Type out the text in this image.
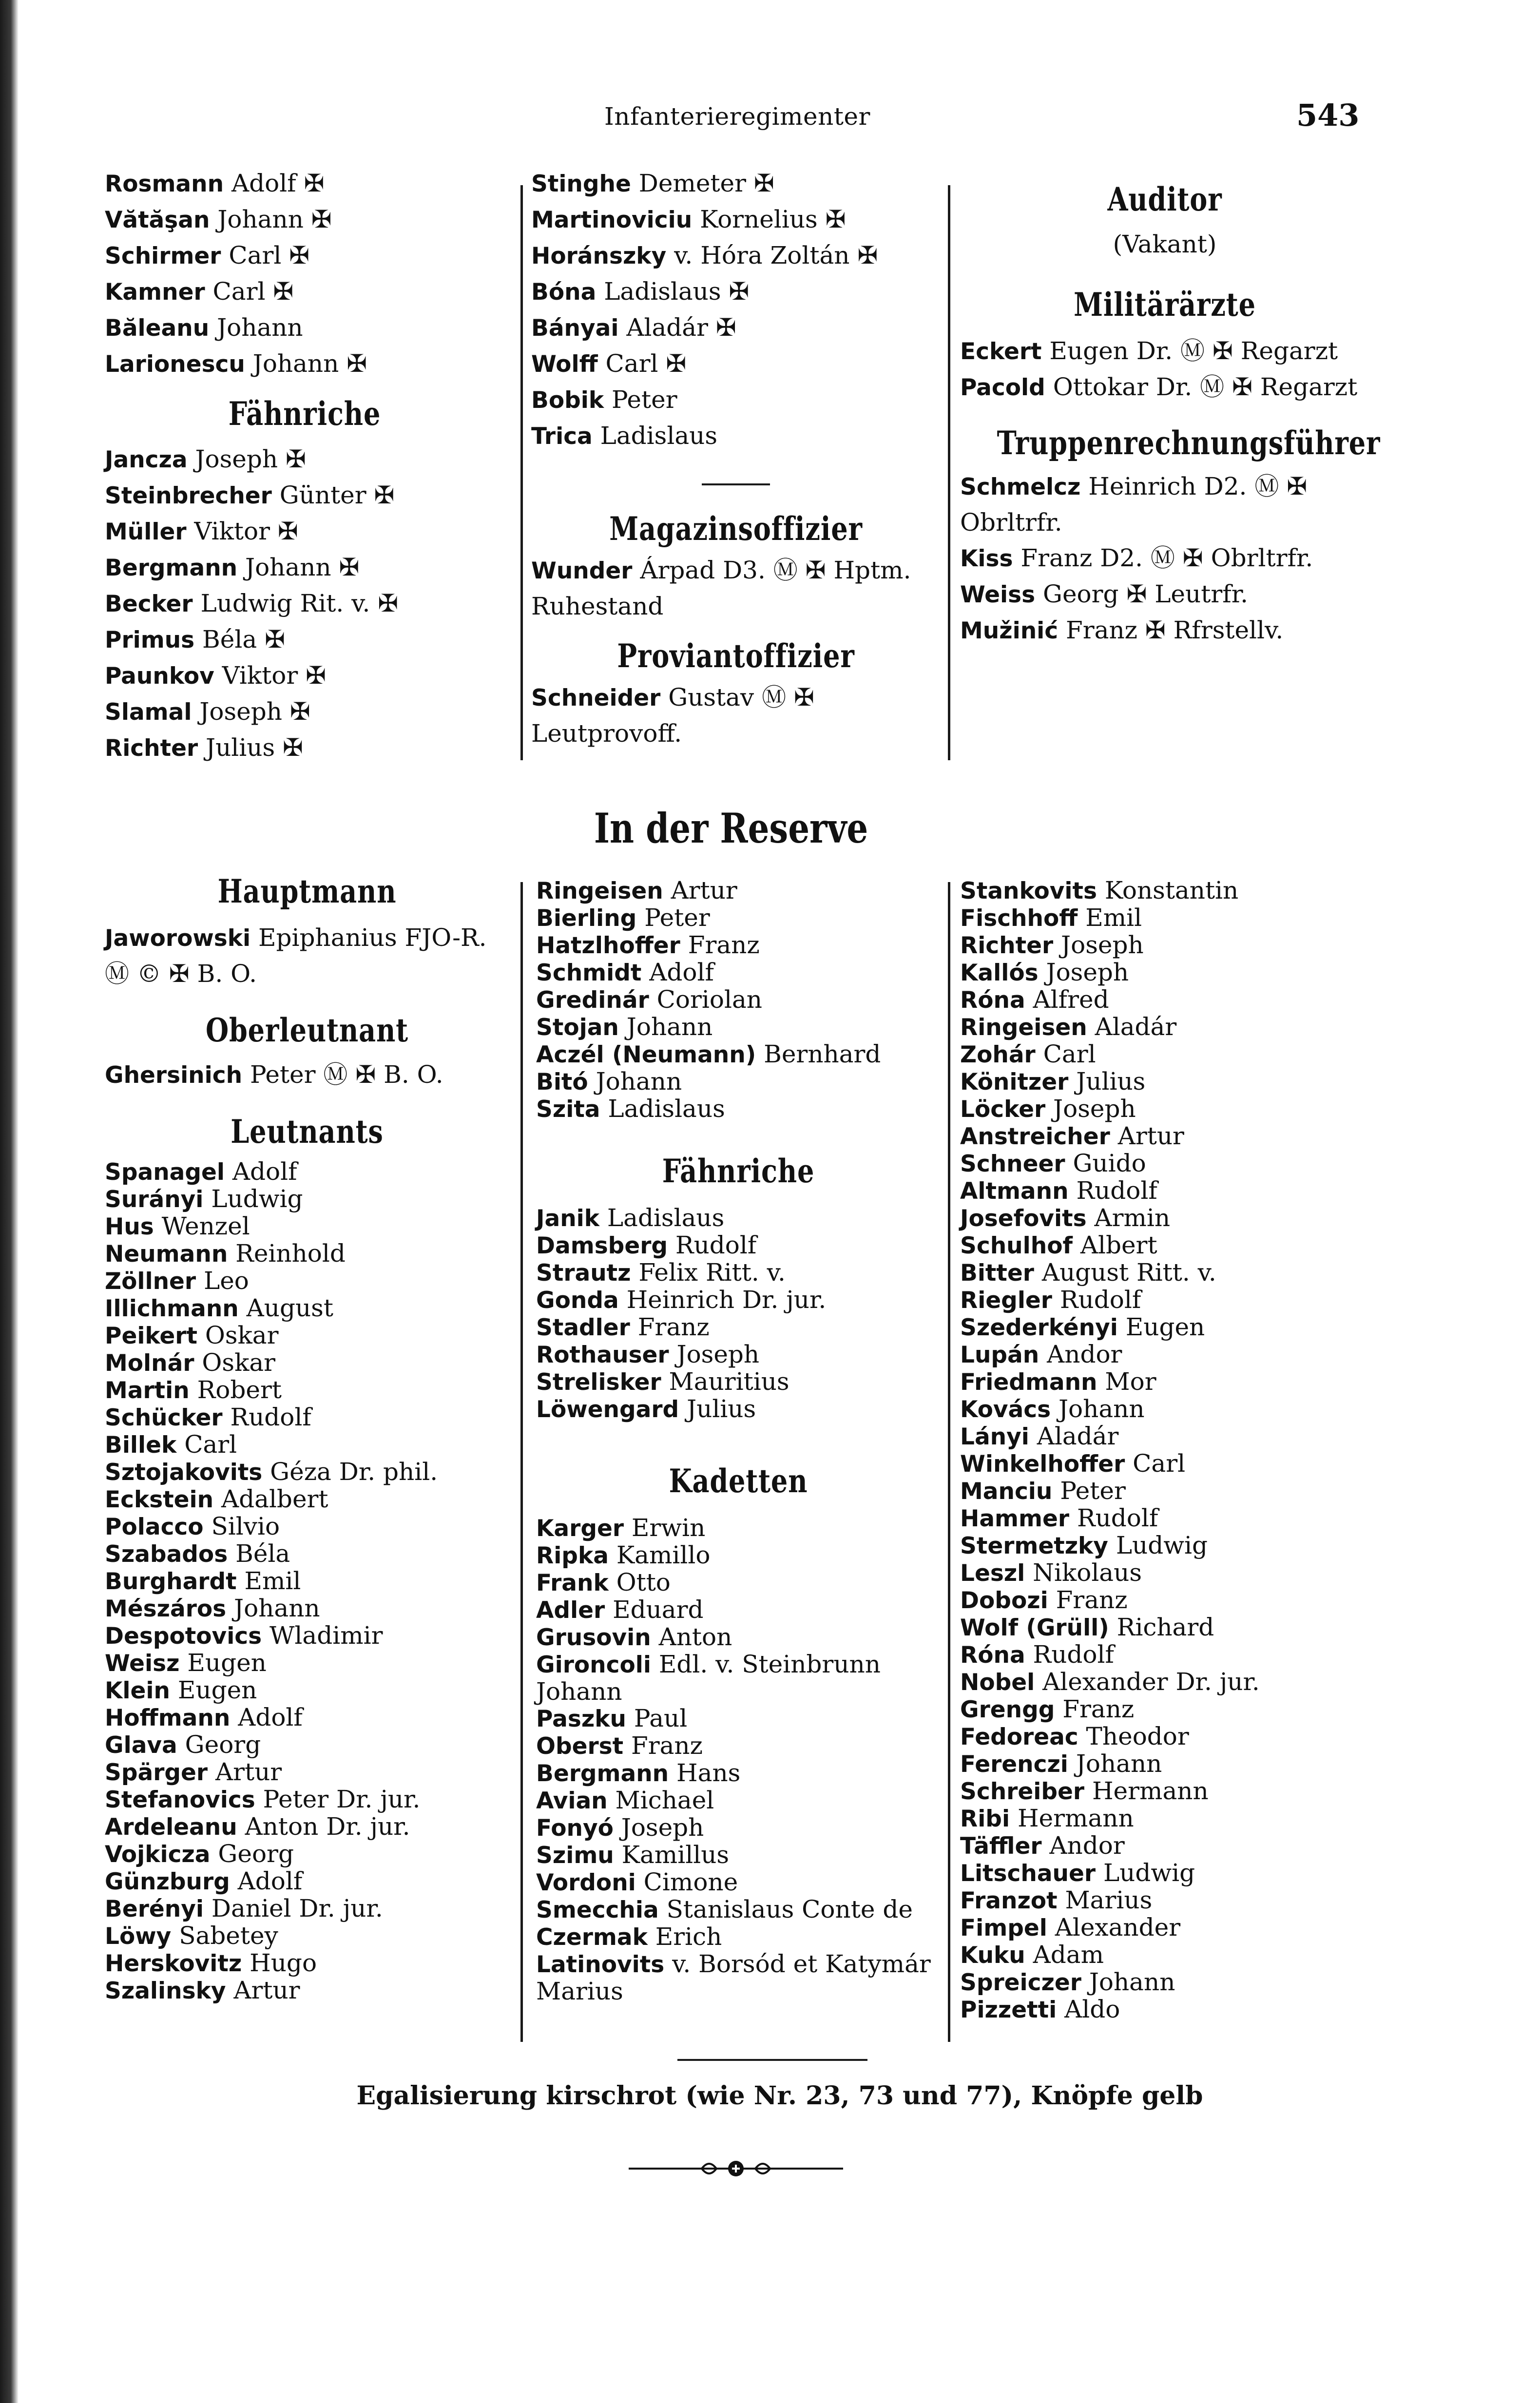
Infanterieregimenter	543
Rosmann Adolf ✠
Vătăşan Johann ✠
Schirmer Carl ✠
Kamner Carl ✠
Băleanu Johann
Larionescu Johann ✠
Fähnriche
Jancza Joseph ✠
Steinbrecher Günter ✠
Müller Viktor ✠
Bergmann Johann ✠
Becker Ludwig Rit. v. ✠
Primus Béla ✠
Paunkov Viktor ✠
Slamal Joseph ✠
Richter Julius ✠
Stinghe Demeter ✠
Martinoviciu Kornelius ✠
Horánszky v. Hóra Zoltán ✠
Bóna Ladislaus ✠
Bányai Aladár ✠
Wolff Carl ✠
Bobik Peter
Trica Ladislaus
Magazinsoffizier
Wunder Árpad D3. Ⓜ ✠ Hptm. Ruhestand
Proviantoffizier
Schneider Gustav Ⓜ ✠ Leutprovoff.
Auditor
(Vakant)
Militärärzte
Eckert Eugen Dr. Ⓜ ✠ Regarzt
Pacold Ottokar Dr. Ⓜ ✠ Regarzt
Truppenrechnungsführer
Schmelcz Heinrich D2. Ⓜ ✠ Obrltrfr.
Kiss Franz D2. Ⓜ ✠ Obrltrfr.
Weiss Georg ✠ Leutrfr.
Mužinić Franz ✠ Rfrstellv.
In der Reserve
Hauptmann
Jaworowski Epiphanius FJO-R. Ⓜ © ✠ B. O.
Oberleutnant
Ghersinich Peter Ⓜ ✠ B. O.
Leutnants
Spanagel Adolf
Surányi Ludwig
Hus Wenzel
Neumann Reinhold
Zöllner Leo
Illichmann August
Peikert Oskar
Molnár Oskar
Martin Robert
Schücker Rudolf
Billek Carl
Sztojakovits Géza Dr. phil.
Eckstein Adalbert
Polacco Silvio
Szabados Béla
Burghardt Emil
Mészáros Johann
Despotovics Wladimir
Weisz Eugen
Klein Eugen
Hoffmann Adolf
Glava Georg
Spärger Artur
Stefanovics Peter Dr. jur.
Ardeleanu Anton Dr. jur.
Vojkicza Georg
Günzburg Adolf
Berényi Daniel Dr. jur.
Löwy Sabetey
Herskovitz Hugo
Szalinsky Artur
Ringeisen Artur
Bierling Peter
Hatzlhoffer Franz
Schmidt Adolf
Gredinár Coriolan
Stojan Johann
Aczél (Neumann) Bernhard
Bitó Johann
Szita Ladislaus
Fähnriche
Janik Ladislaus
Damsberg Rudolf
Strautz Felix Ritt. v.
Gonda Heinrich Dr. jur.
Stadler Franz
Rothauser Joseph
Strelisker Mauritius
Löwengard Julius
Kadetten
Karger Erwin
Ripka Kamillo
Frank Otto
Adler Eduard
Grusovin Anton
Gironcoli Edl. v. Steinbrunn Johann
Paszku Paul
Oberst Franz
Bergmann Hans
Avian Michael
Fonyó Joseph
Szimu Kamillus
Vordoni Cimone
Smecchia Stanislaus Conte de
Czermak Erich
Latinovits v. Borsód et Katymár Marius
Stankovits Konstantin
Fischhoff Emil
Richter Joseph
Kallós Joseph
Róna Alfred
Ringeisen Aladár
Zohár Carl
Könitzer Julius
Löcker Joseph
Anstreicher Artur
Schneer Guido
Altmann Rudolf
Josefovits Armin
Schulhof Albert
Bitter August Ritt. v.
Riegler Rudolf
Szederkényi Eugen
Lupán Andor
Friedmann Mor
Kovács Johann
Lányi Aladár
Winkelhoffer Carl
Manciu Peter
Hammer Rudolf
Stermetzky Ludwig
Leszl Nikolaus
Dobozi Franz
Wolf (Grüll) Richard
Róna Rudolf
Nobel Alexander Dr. jur.
Grengg Franz
Fedoreac Theodor
Ferenczi Johann
Schreiber Hermann
Ribi Hermann
Täffler Andor
Litschauer Ludwig
Franzot Marius
Fimpel Alexander
Kuku Adam
Spreiczer Johann
Pizzetti Aldo
Egalisierung kirschrot (wie Nr. 23, 73 und 77), Knöpfe gelb
